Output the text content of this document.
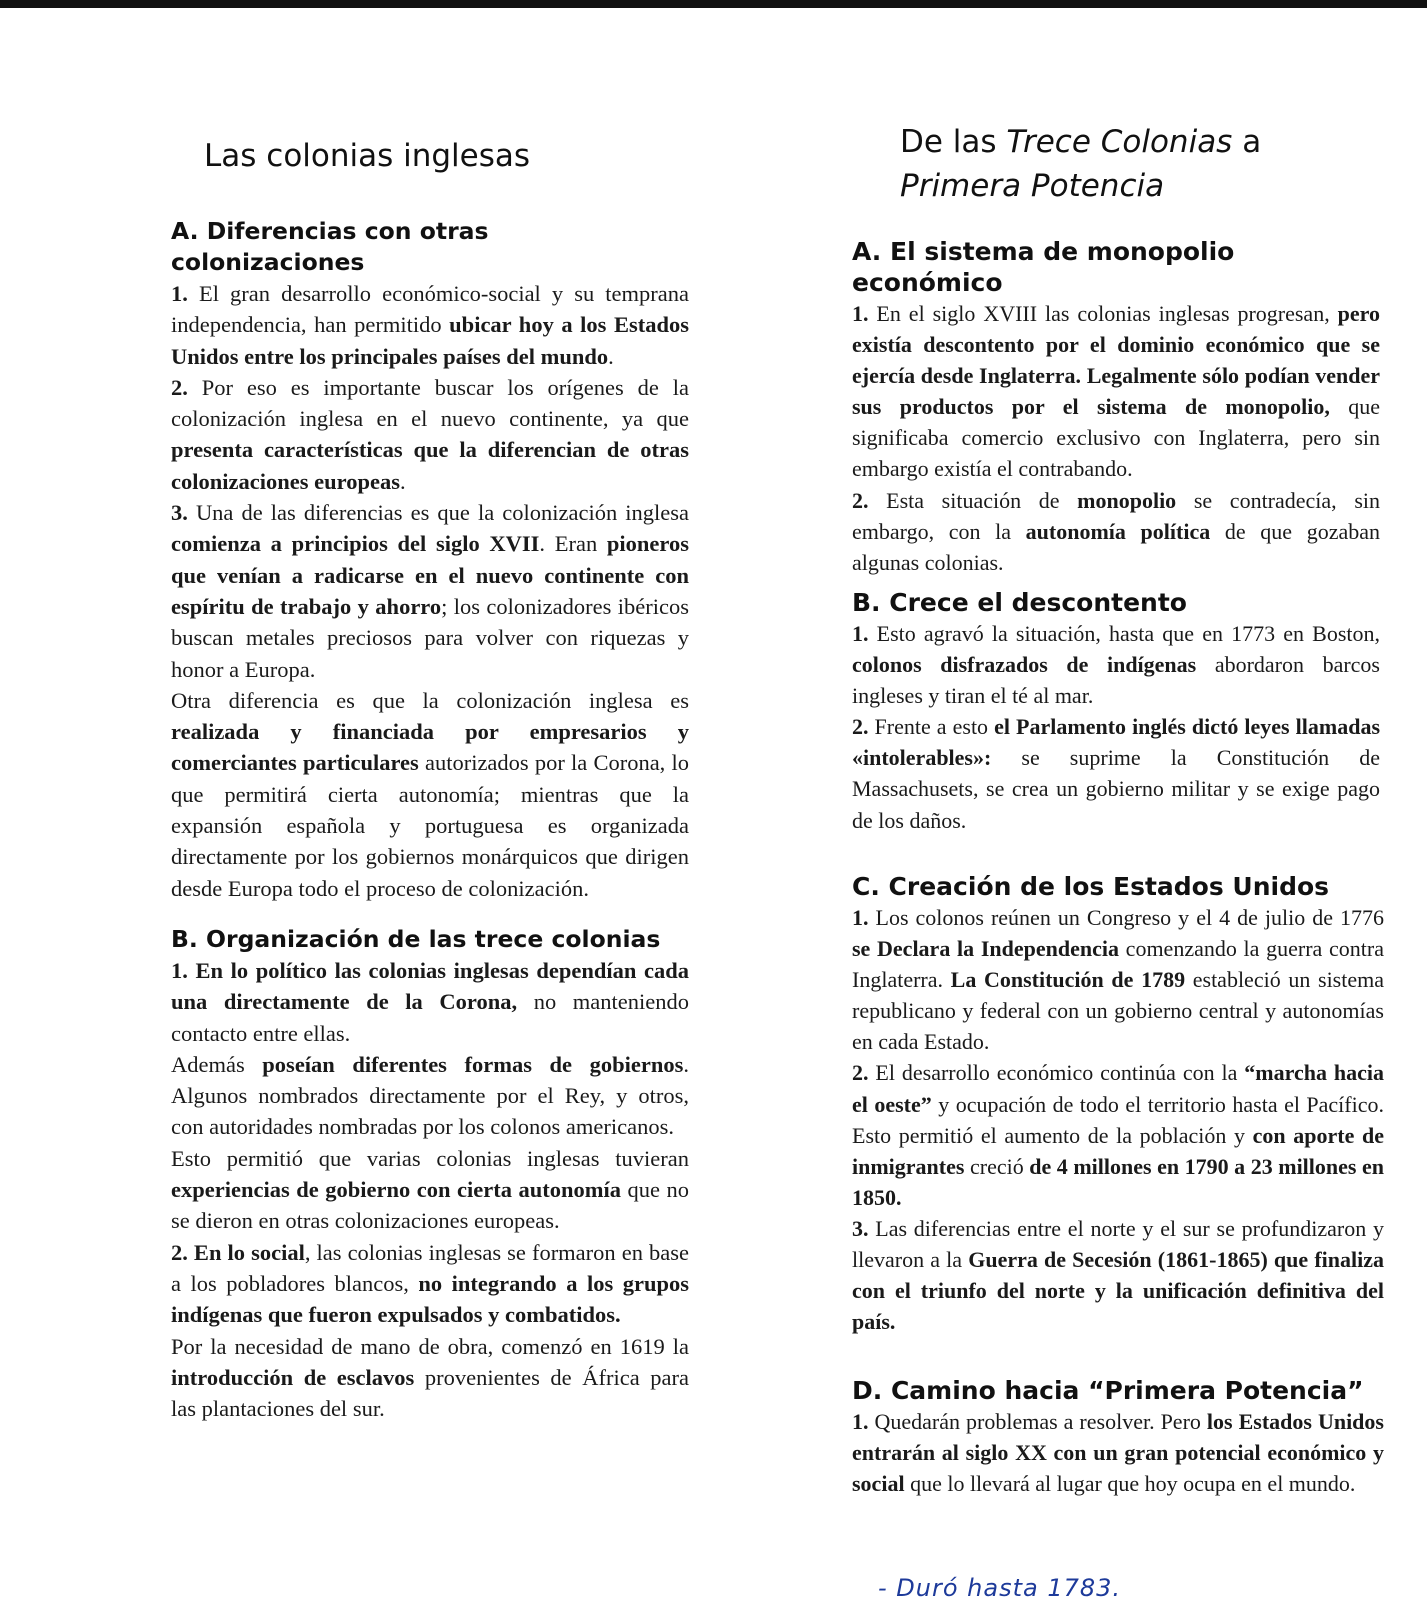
Las colonias inglesas
A. Diferencias con otras colonizaciones

1. El gran desarrollo económico-social y su temprana independencia, han permitido ubicar hoy a los Estados Unidos entre los principales países del mundo.

2. Por eso es importante buscar los orígenes de la colonización inglesa en el nuevo continente, ya que presenta características que la diferencian de otras colonizaciones europeas.

3. Una de las diferencias es que la colonización inglesa comienza a principios del siglo XVII. Eran pioneros que venían a radicarse en el nuevo continente con espíritu de trabajo y ahorro; los colonizadores ibéricos buscan metales preciosos para volver con riquezas y honor a Europa.

Otra diferencia es que la colonización inglesa es realizada y financiada por empresarios y comerciantes particulares autorizados por la Corona, lo que permitirá cierta autonomía; mientras que la expansión española y portuguesa es organizada directamente por los gobiernos monárquicos que dirigen desde Europa todo el proceso de colonización.

B. Organización de las trece colonias

1. En lo político las colonias inglesas dependían cada una directamente de la Corona, no manteniendo contacto entre ellas.

Además poseían diferentes formas de gobiernos. Algunos nombrados directamente por el Rey, y otros, con autoridades nombradas por los colonos americanos.

Esto permitió que varias colonias inglesas tuvieran experiencias de gobierno con cierta autonomía que no se dieron en otras colonizaciones europeas.

2. En lo social, las colonias inglesas se formaron en base a los pobladores blancos, no integrando a los grupos indígenas que fueron expulsados y combatidos.

Por la necesidad de mano de obra, comenzó en 1619 la introducción de esclavos provenientes de África para las plantaciones del sur.

De las Trece Colonias a
Primera Potencia
A. El sistema de monopolio económico

1. En el siglo XVIII las colonias inglesas progresan, pero existía descontento por el dominio económico que se ejercía desde Inglaterra. Legalmente sólo podían vender sus productos por el sistema de monopolio, que significaba comercio exclusivo con Inglaterra, pero sin embargo existía el contrabando.

2. Esta situación de monopolio se contradecía, sin embargo, con la autonomía política de que gozaban algunas colonias.

B. Crece el descontento

1. Esto agravó la situación, hasta que en 1773 en Boston, colonos disfrazados de indígenas abordaron barcos ingleses y tiran el té al mar.

2. Frente a esto el Parlamento inglés dictó leyes llamadas «intolerables»: se suprime la Constitución de Massachusets, se crea un gobierno militar y se exige pago de los daños.

C. Creación de los Estados Unidos

1. Los colonos reúnen un Congreso y el 4 de julio de 1776 se Declara la Independencia comenzando la guerra contra Inglaterra. La Constitución de 1789 estableció un sistema republicano y federal con un gobierno central y autonomías en cada Estado.

2. El desarrollo económico continúa con la “marcha hacia el oeste” y ocupación de todo el territorio hasta el Pacífico. Esto permitió el aumento de la población y con aporte de inmigrantes creció de 4 millones en 1790 a 23 millones en 1850.

3. Las diferencias entre el norte y el sur se profundizaron y llevaron a la Guerra de Secesión (1861-1865) que finaliza con el triunfo del norte y la unificación definitiva del país.

D. Camino hacia “Primera Potencia”

1. Quedarán problemas a resolver. Pero los Estados Unidos entrarán al siglo XX con un gran potencial económico y social que lo llevará al lugar que hoy ocupa en el mundo.

- Duró hasta 1783.
